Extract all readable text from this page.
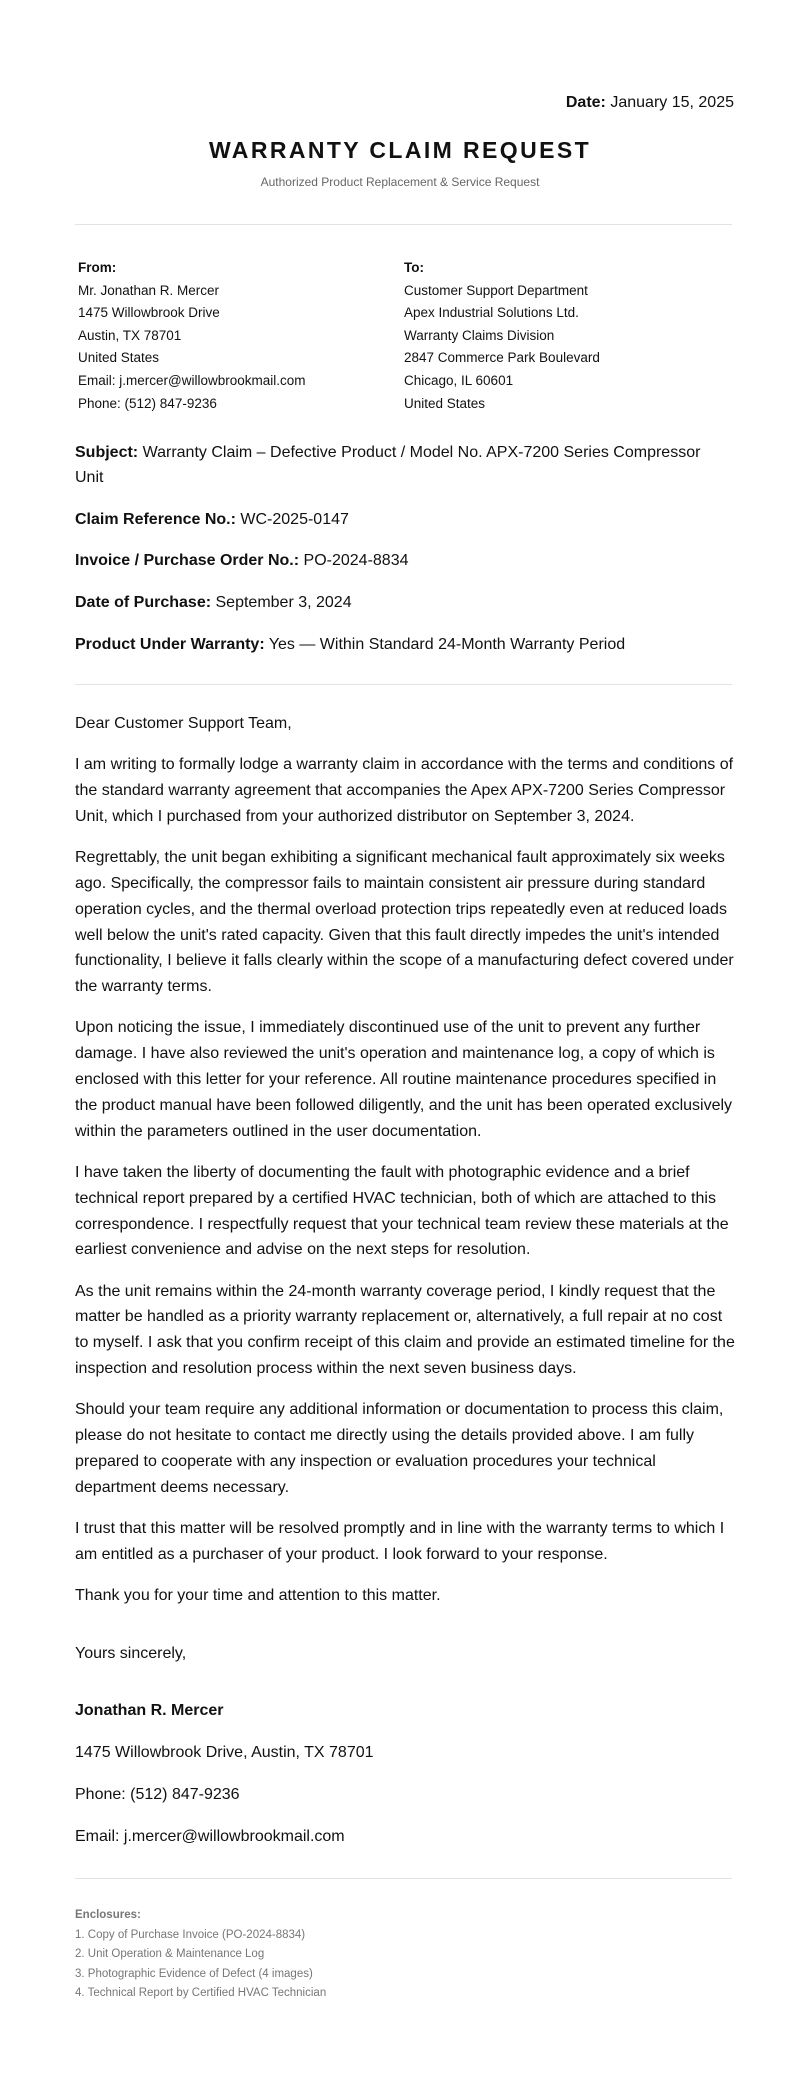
Date: January 15, 2025
WARRANTY CLAIM REQUEST
Authorized Product Replacement & Service Request
From:
Mr. Jonathan R. Mercer
1475 Willowbrook Drive
Austin, TX 78701
United States
Email: j.mercer@willowbrookmail.com
Phone: (512) 847-9236
To:
Customer Support Department
Apex Industrial Solutions Ltd.
Warranty Claims Division
2847 Commerce Park Boulevard
Chicago, IL 60601
United States
Subject: Warranty Claim – Defective Product / Model No. APX-7200 Series Compressor Unit
Claim Reference No.: WC-2025-0147
Invoice / Purchase Order No.: PO-2024-8834
Date of Purchase: September 3, 2024
Product Under Warranty: Yes — Within Standard 24-Month Warranty Period

Dear Customer Support Team,

I am writing to formally lodge a warranty claim in accordance with the terms and conditions of the standard warranty agreement that accompanies the Apex APX-7200 Series Compressor Unit, which I purchased from your authorized distributor on September 3, 2024.

Regrettably, the unit began exhibiting a significant mechanical fault approximately six weeks ago. Specifically, the compressor fails to maintain consistent air pressure during standard operation cycles, and the thermal overload protection trips repeatedly even at reduced loads well below the unit's rated capacity. Given that this fault directly impedes the unit's intended functionality, I believe it falls clearly within the scope of a manufacturing defect covered under the warranty terms.

Upon noticing the issue, I immediately discontinued use of the unit to prevent any further damage. I have also reviewed the unit's operation and maintenance log, a copy of which is enclosed with this letter for your reference. All routine maintenance procedures specified in the product manual have been followed diligently, and the unit has been operated exclusively within the parameters outlined in the user documentation.

I have taken the liberty of documenting the fault with photographic evidence and a brief technical report prepared by a certified HVAC technician, both of which are attached to this correspondence. I respectfully request that your technical team review these materials at the earliest convenience and advise on the next steps for resolution.

As the unit remains within the 24-month warranty coverage period, I kindly request that the matter be handled as a priority warranty replacement or, alternatively, a full repair at no cost to myself. I ask that you confirm receipt of this claim and provide an estimated timeline for the inspection and resolution process within the next seven business days.

Should your team require any additional information or documentation to process this claim, please do not hesitate to contact me directly using the details provided above. I am fully prepared to cooperate with any inspection or evaluation procedures your technical department deems necessary.

I trust that this matter will be resolved promptly and in line with the warranty terms to which I am entitled as a purchaser of your product. I look forward to your response.

Thank you for your time and attention to this matter.

Yours sincerely,
Jonathan R. Mercer
1475 Willowbrook Drive, Austin, TX 78701
Phone: (512) 847-9236
Email: j.mercer@willowbrookmail.com
Enclosures:
1. Copy of Purchase Invoice (PO-2024-8834)
2. Unit Operation & Maintenance Log
3. Photographic Evidence of Defect (4 images)
4. Technical Report by Certified HVAC Technician
